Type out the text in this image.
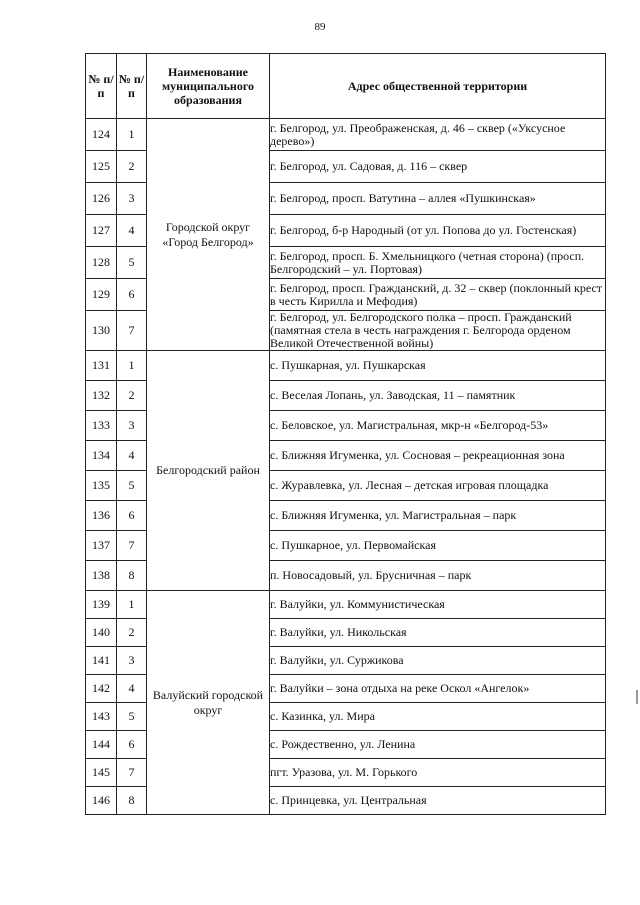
89
№ п/п	№ п/п	Наименование муниципального образования	Адрес общественной территории
124	1	Городской округ «Город Белгород»	г. Белгород, ул. Преображенская, д. 46 – сквер («Уксусное дерево»)
125	2		г. Белгород, ул. Садовая, д. 116 – сквер
126	3		г. Белгород, просп. Ватутина – аллея «Пушкинская»
127	4		г. Белгород, б-р Народный (от ул. Попова до ул. Гостенская)
128	5		г. Белгород, просп. Б. Хмельницкого (четная сторона) (просп. Белгородский – ул. Портовая)
129	6		г. Белгород, просп. Гражданский, д. 32 – сквер (поклонный крест в честь Кирилла и Мефодия)
130	7		г. Белгород, ул. Белгородского полка – просп. Гражданский (памятная стела в честь награждения г. Белгорода орденом Великой Отечественной войны)
131	1	Белгородский район	с. Пушкарная, ул. Пушкарская
132	2		с. Веселая Лопань, ул. Заводская, 11 – памятник
133	3		с. Беловское, ул. Магистральная, мкр-н «Белгород-53»
134	4		с. Ближняя Игуменка, ул. Сосновая – рекреационная зона
135	5		с. Журавлевка, ул. Лесная – детская игровая площадка
136	6		с. Ближняя Игуменка, ул. Магистральная – парк
137	7		с. Пушкарное, ул. Первомайская
138	8		п. Новосадовый, ул. Брусничная – парк
139	1	Валуйский городской округ	г. Валуйки, ул. Коммунистическая
140	2		г. Валуйки, ул. Никольская
141	3		г. Валуйки, ул. Суржикова
142	4		г. Валуйки – зона отдыха на реке Оскол «Ангелок»
143	5		с. Казинка, ул. Мира
144	6		с. Рождественно, ул. Ленина
145	7		пгт. Уразова, ул. М. Горького
146	8		с. Принцевка, ул. Центральная
